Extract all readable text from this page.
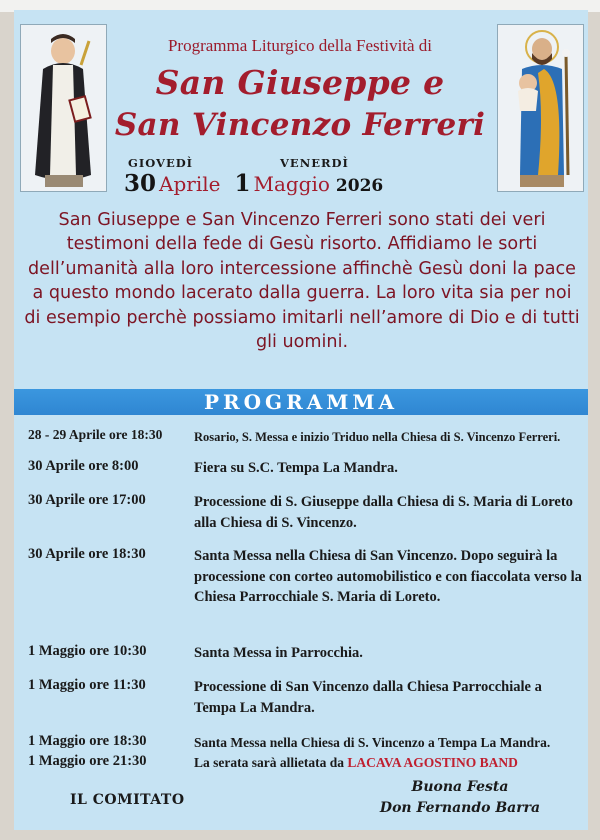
Programma Liturgico della Festività di
San Giuseppe e
San Vincenzo Ferreri
GIOVEDÌ	VENERDÌ
30 Aprile 1 Maggio 2026
San Giuseppe e San Vincenzo Ferreri sono stati dei veri testimoni della fede di Gesù risorto. Affidiamo le sorti dell’umanità alla loro intercessione affinchè Gesù doni la pace a questo mondo lacerato dalla guerra. La loro vita sia per noi di esempio perchè possiamo imitarli nell’amore di Dio e di tutti gli uomini.
PROGRAMMA
28 - 29 Aprile ore 18:30	Rosario, S. Messa e inizio Triduo nella Chiesa di S. Vincenzo Ferreri.
30 Aprile ore 8:00	Fiera su S.C. Tempa La Mandra.
30 Aprile ore 17:00	Processione di S. Giuseppe dalla Chiesa di S. Maria di Loreto alla Chiesa di S. Vincenzo.
30 Aprile ore 18:30	Santa Messa nella Chiesa di San Vincenzo. Dopo seguirà la processione con corteo automobilistico e con fiaccolata verso la Chiesa Parrocchiale S. Maria di Loreto.
1 Maggio ore 10:30	Santa Messa in Parrocchia.
1 Maggio ore 11:30	Processione di San Vincenzo dalla Chiesa Parrocchiale a Tempa La Mandra.
1 Maggio ore 18:30	Santa Messa nella Chiesa di S. Vincenzo a Tempa La Mandra.
1 Maggio ore 21:30	La serata sarà allietata da LACAVA AGOSTINO BAND
IL COMITATO
Buona Festa
Don Fernando Barra
